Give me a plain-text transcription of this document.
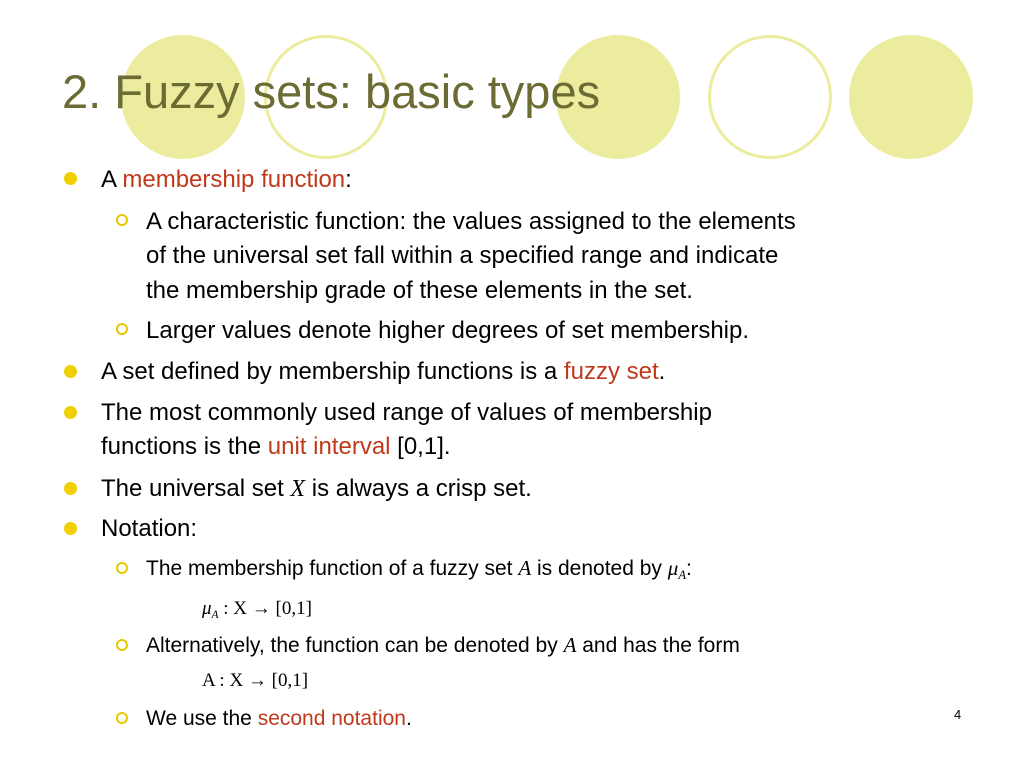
2. Fuzzy sets: basic types
A membership function:
A characteristic function: the values assigned to the elements
of the universal set fall within a specified range and indicate
the membership grade of these elements in the set.
Larger values denote higher degrees of set membership.
A set defined by membership functions is a fuzzy set.
The most commonly used range of values of membership
functions is the unit interval [0,1].
The universal set X is always a crisp set.
Notation:
The membership function of a fuzzy set A is denoted by $\mu_A$:
$\mu_A$ : X → [0,1]
Alternatively, the function can be denoted by A and has the form
A : X → [0,1]
We use the second notation.	4
